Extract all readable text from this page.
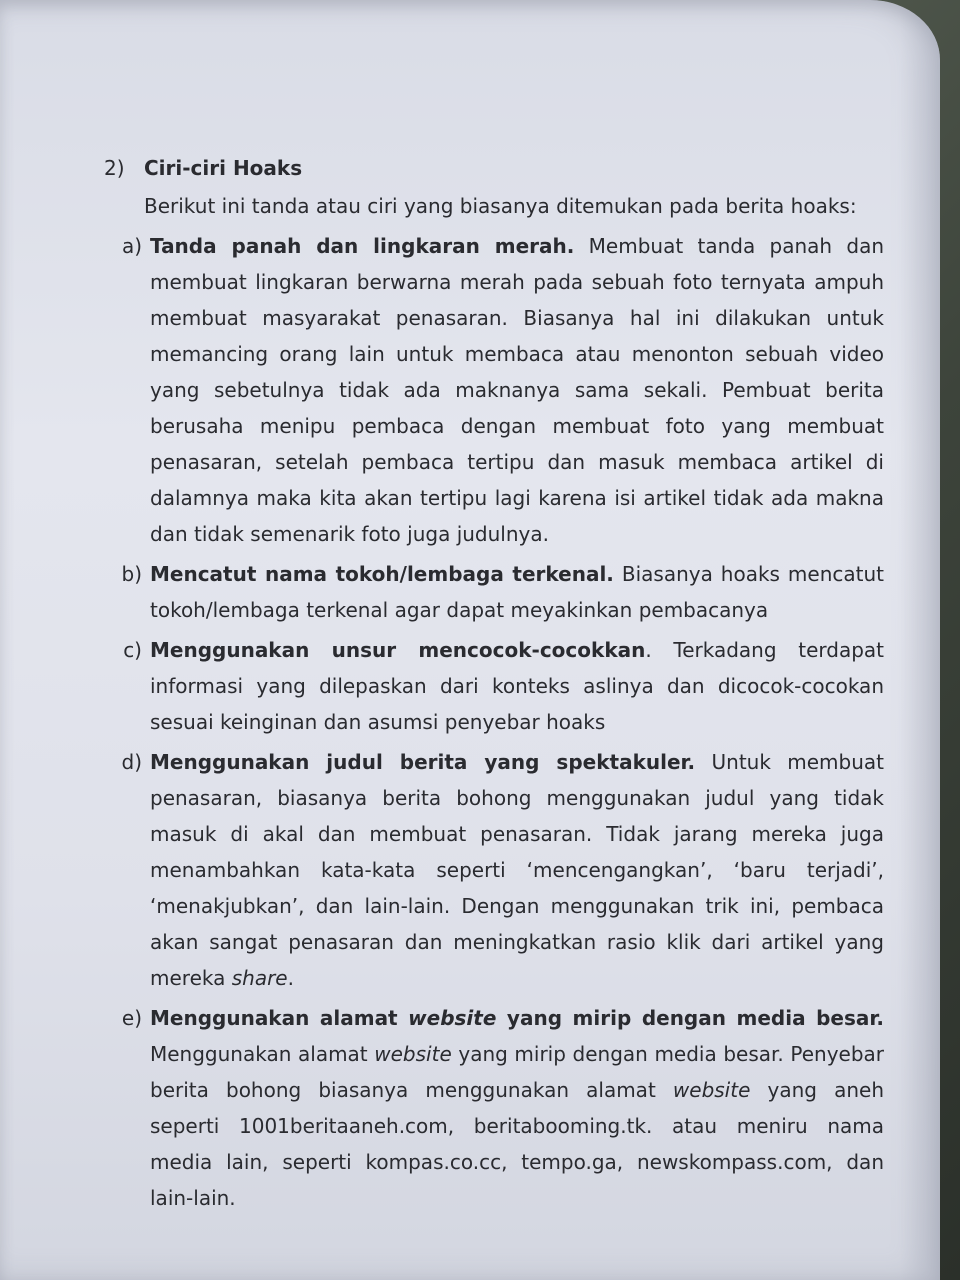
2) Ciri-ciri Hoaks
Berikut ini tanda atau ciri yang biasanya ditemukan pada berita hoaks:
a) Tanda panah dan lingkaran merah. Membuat tanda panah dan membuat lingkaran berwarna merah pada sebuah foto ternyata ampuh membuat masyarakat penasaran. Biasanya hal ini dilakukan untuk memancing orang lain untuk membaca atau menonton sebuah video yang sebetulnya tidak ada maknanya sama sekali. Pembuat berita berusaha menipu pembaca dengan membuat foto yang membuat penasaran, setelah pembaca tertipu dan masuk membaca artikel di dalamnya maka kita akan tertipu lagi karena isi artikel tidak ada makna dan tidak semenarik foto juga judulnya.
b) Mencatut nama tokoh/lembaga terkenal. Biasanya hoaks mencatut tokoh/lembaga terkenal agar dapat meyakinkan pembacanya
c) Menggunakan unsur mencocok-cocokkan. Terkadang terdapat informasi yang dilepaskan dari konteks aslinya dan dicocok-cocokan sesuai keinginan dan asumsi penyebar hoaks
d) Menggunakan judul berita yang spektakuler. Untuk membuat penasaran, biasanya berita bohong menggunakan judul yang tidak masuk di akal dan membuat penasaran. Tidak jarang mereka juga menambahkan kata-kata seperti ‘mencengangkan’, ‘baru terjadi’, ‘menakjubkan’, dan lain-lain. Dengan menggunakan trik ini, pembaca akan sangat penasaran dan meningkatkan rasio klik dari artikel yang mereka share.
e) Menggunakan alamat website yang mirip dengan media besar. Menggunakan alamat website yang mirip dengan media besar. Penyebar berita bohong biasanya menggunakan alamat website yang aneh seperti 1001beritaaneh.com, beritabooming.tk. atau meniru nama media lain, seperti kompas.co.cc, tempo.ga, newskompass.com, dan lain-lain.
